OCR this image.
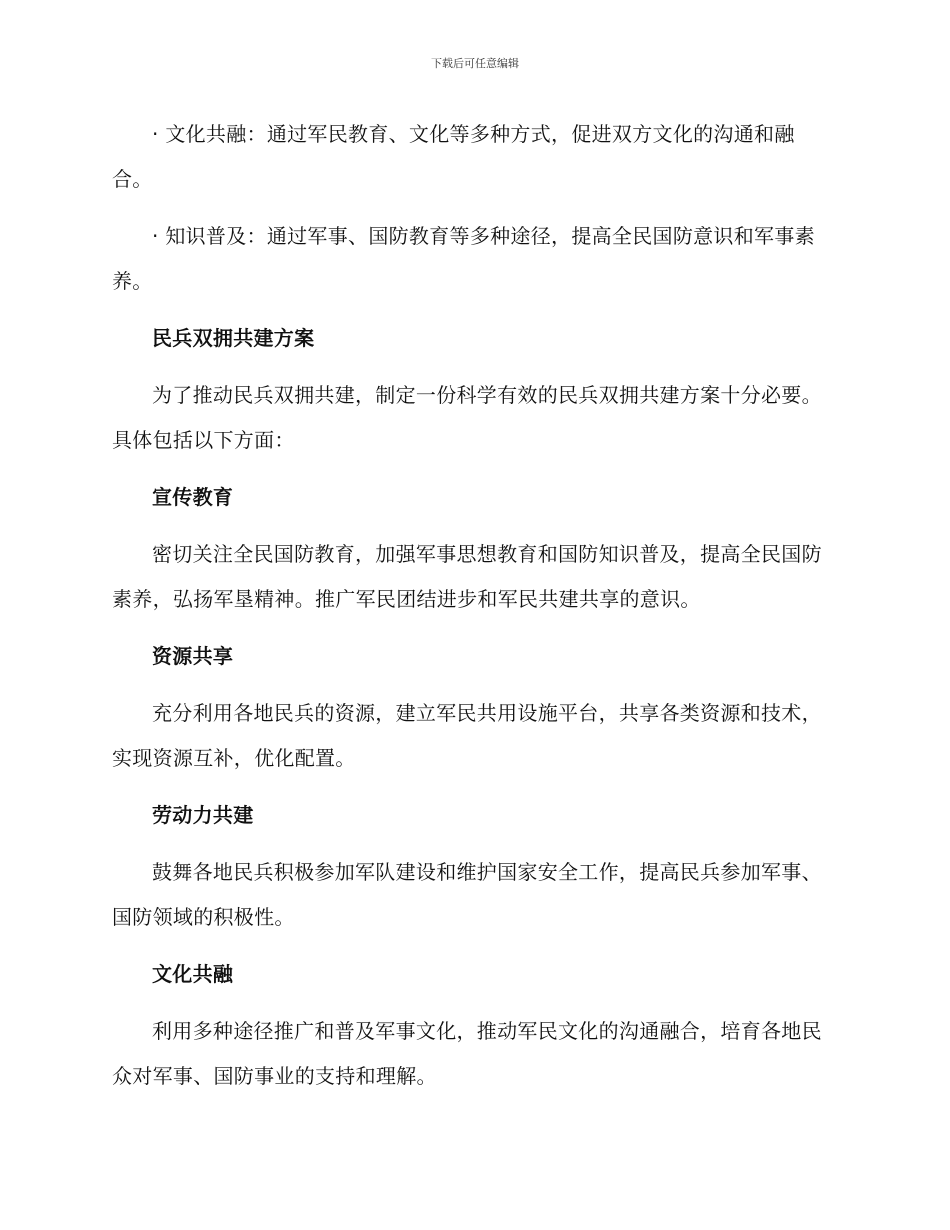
下载后可任意编辑

· 文化共融：通过军民教育、文化等多种方式，促进双方文化的沟通和融合。

· 知识普及：通过军事、国防教育等多种途径，提高全民国防意识和军事素养。

民兵双拥共建方案

为了推动民兵双拥共建，制定一份科学有效的民兵双拥共建方案十分必要。具体包括以下方面：

宣传教育

密切关注全民国防教育，加强军事思想教育和国防知识普及，提高全民国防素养，弘扬军垦精神。推广军民团结进步和军民共建共享的意识。

资源共享

充分利用各地民兵的资源，建立军民共用设施平台，共享各类资源和技术，实现资源互补，优化配置。

劳动力共建

鼓舞各地民兵积极参加军队建设和维护国家安全工作，提高民兵参加军事、国防领域的积极性。

文化共融

利用多种途径推广和普及军事文化，推动军民文化的沟通融合，培育各地民众对军事、国防事业的支持和理解。
